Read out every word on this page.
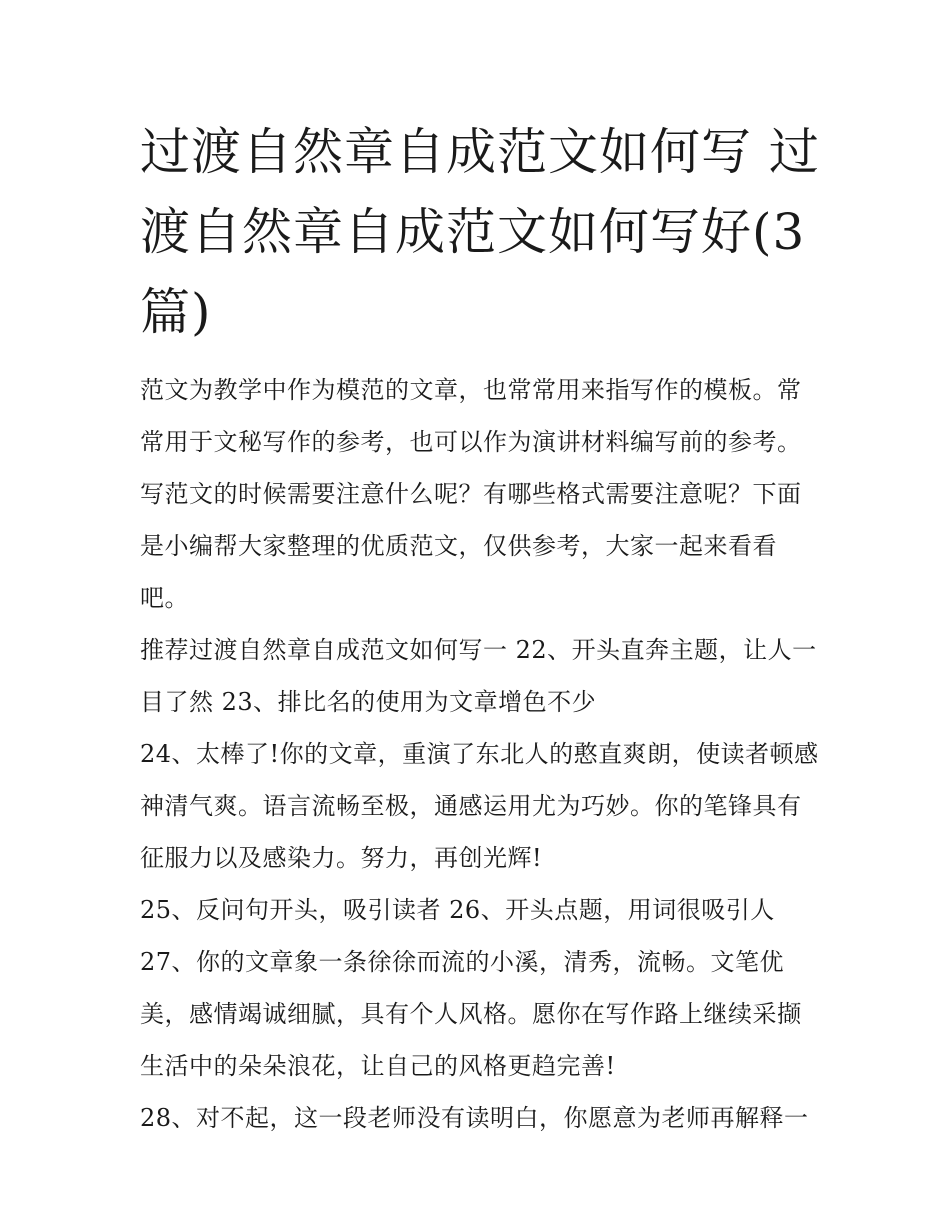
过渡自然章自成范文如何写 过渡自然章自成范文如何写好(3篇)

范文为教学中作为模范的文章，也常常用来指写作的模板。常常用于文秘写作的参考，也可以作为演讲材料编写前的参考。写范文的时候需要注意什么呢？有哪些格式需要注意呢？下面是小编帮大家整理的优质范文，仅供参考，大家一起来看看吧。

推荐过渡自然章自成范文如何写一 22、开头直奔主题，让人一目了然 23、排比名的使用为文章增色不少

24、太棒了!你的文章，重演了东北人的憨直爽朗，使读者顿感神清气爽。语言流畅至极，通感运用尤为巧妙。你的笔锋具有征服力以及感染力。努力，再创光辉!

25、反问句开头，吸引读者 26、开头点题，用词很吸引人

27、你的文章象一条徐徐而流的小溪，清秀，流畅。文笔优美，感情竭诚细腻，具有个人风格。愿你在写作路上继续采撷生活中的朵朵浪花，让自己的风格更趋完善!

28、对不起，这一段老师没有读明白，你愿意为老师再解释一
